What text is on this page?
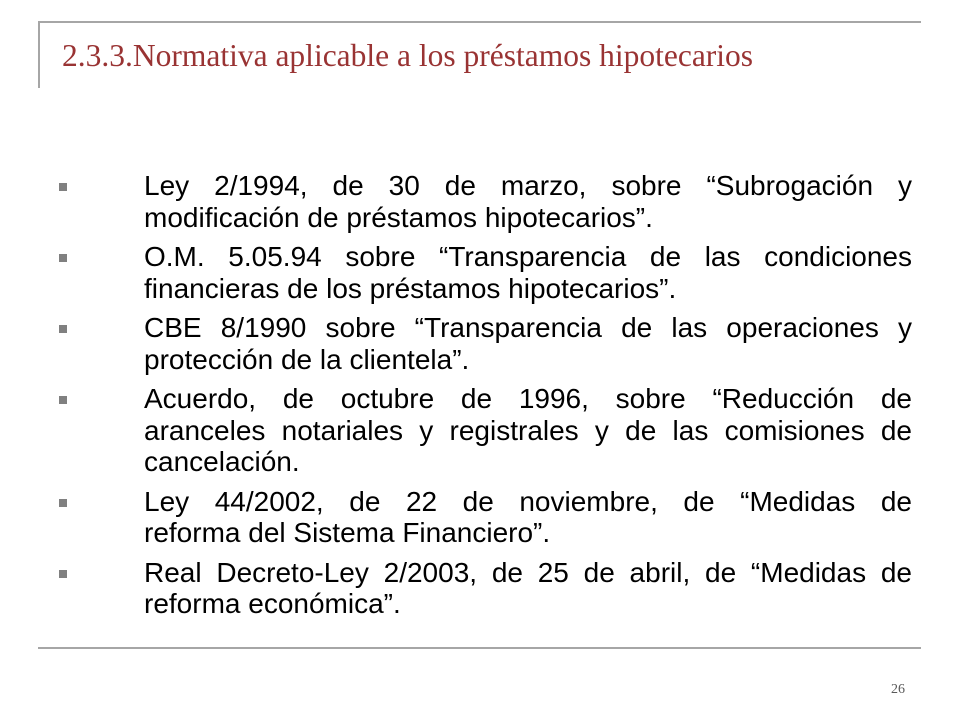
2.3.3.Normativa aplicable a los préstamos hipotecarios
Ley 2/1994, de 30 de marzo, sobre “Subrogación y
modificación de préstamos hipotecarios”.
O.M. 5.05.94 sobre “Transparencia de las condiciones
financieras de los préstamos hipotecarios”.
CBE 8/1990 sobre “Transparencia de las operaciones y
protección de la clientela”.
Acuerdo, de octubre de 1996, sobre “Reducción de
aranceles notariales y registrales y de las comisiones de
cancelación.
Ley 44/2002, de 22 de noviembre, de “Medidas de
reforma del Sistema Financiero”.
Real Decreto-Ley 2/2003, de 25 de abril, de “Medidas de
reforma económica”.
26
